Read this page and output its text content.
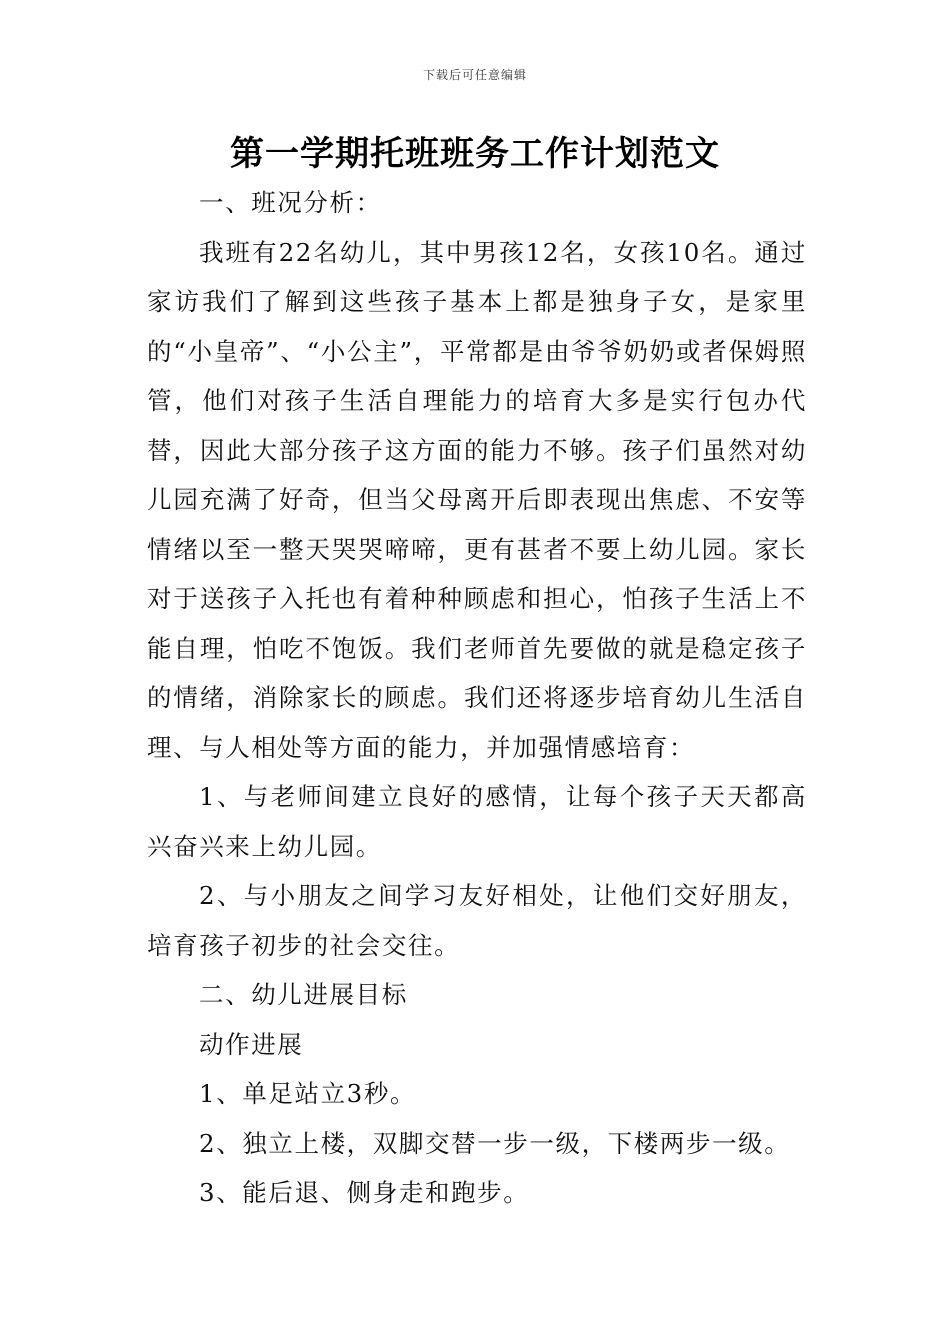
下载后可任意编辑
第一学期托班班务工作计划范文

一、班况分析：

我班有22名幼儿，其中男孩12名，女孩10名。通过家访我们了解到这些孩子基本上都是独身子女，是家里的“小皇帝”、“小公主”，平常都是由爷爷奶奶或者保姆照管，他们对孩子生活自理能力的培育大多是实行包办代替，因此大部分孩子这方面的能力不够。孩子们虽然对幼儿园充满了好奇，但当父母离开后即表现出焦虑、不安等情绪以至一整天哭哭啼啼，更有甚者不要上幼儿园。家长对于送孩子入托也有着种种顾虑和担心，怕孩子生活上不能自理，怕吃不饱饭。我们老师首先要做的就是稳定孩子的情绪，消除家长的顾虑。我们还将逐步培育幼儿生活自理、与人相处等方面的能力，并加强情感培育：

1、与老师间建立良好的感情，让每个孩子天天都高兴奋兴来上幼儿园。

2、与小朋友之间学习友好相处，让他们交好朋友，培育孩子初步的社会交往。

二、幼儿进展目标

动作进展

1、单足站立3秒。

2、独立上楼，双脚交替一步一级，下楼两步一级。

3、能后退、侧身走和跑步。
